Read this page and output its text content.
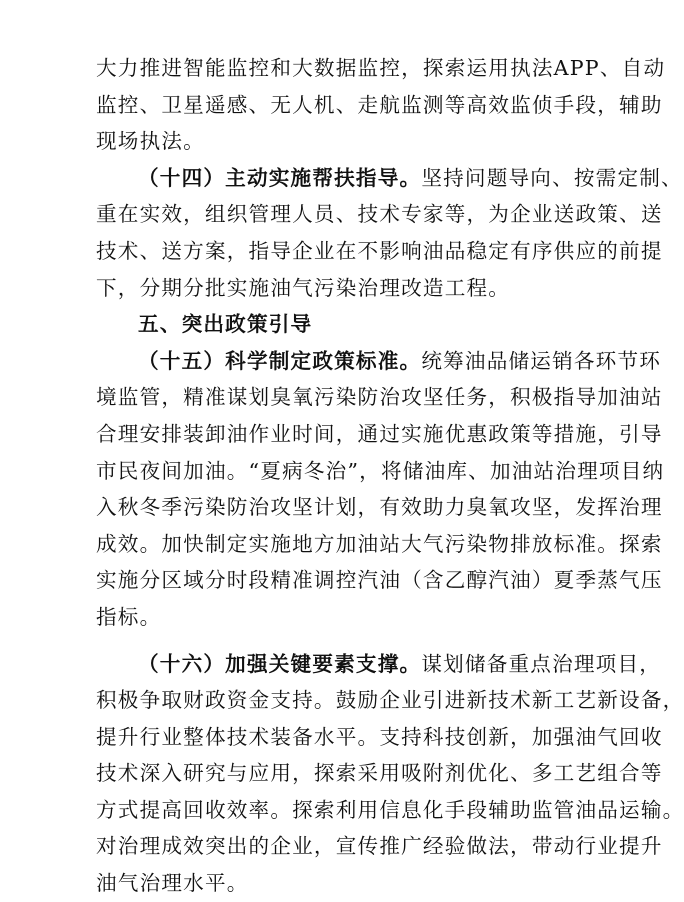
大力推进智能监控和大数据监控，探索运用执法APP、自动
监控、卫星遥感、无人机、走航监测等高效监侦手段，辅助
现场执法。
（十四）主动实施帮扶指导。坚持问题导向、按需定制、
重在实效，组织管理人员、技术专家等，为企业送政策、送
技术、送方案，指导企业在不影响油品稳定有序供应的前提
下，分期分批实施油气污染治理改造工程。
五、突出政策引导
（十五）科学制定政策标准。统筹油品储运销各环节环
境监管，精准谋划臭氧污染防治攻坚任务，积极指导加油站
合理安排装卸油作业时间，通过实施优惠政策等措施，引导
市民夜间加油。“夏病冬治”，将储油库、加油站治理项目纳
入秋冬季污染防治攻坚计划，有效助力臭氧攻坚，发挥治理
成效。加快制定实施地方加油站大气污染物排放标准。探索
实施分区域分时段精准调控汽油（含乙醇汽油）夏季蒸气压
指标。
（十六）加强关键要素支撑。谋划储备重点治理项目，
积极争取财政资金支持。鼓励企业引进新技术新工艺新设备，
提升行业整体技术装备水平。支持科技创新，加强油气回收
技术深入研究与应用，探索采用吸附剂优化、多工艺组合等
方式提高回收效率。探索利用信息化手段辅助监管油品运输。
对治理成效突出的企业，宣传推广经验做法，带动行业提升
油气治理水平。
